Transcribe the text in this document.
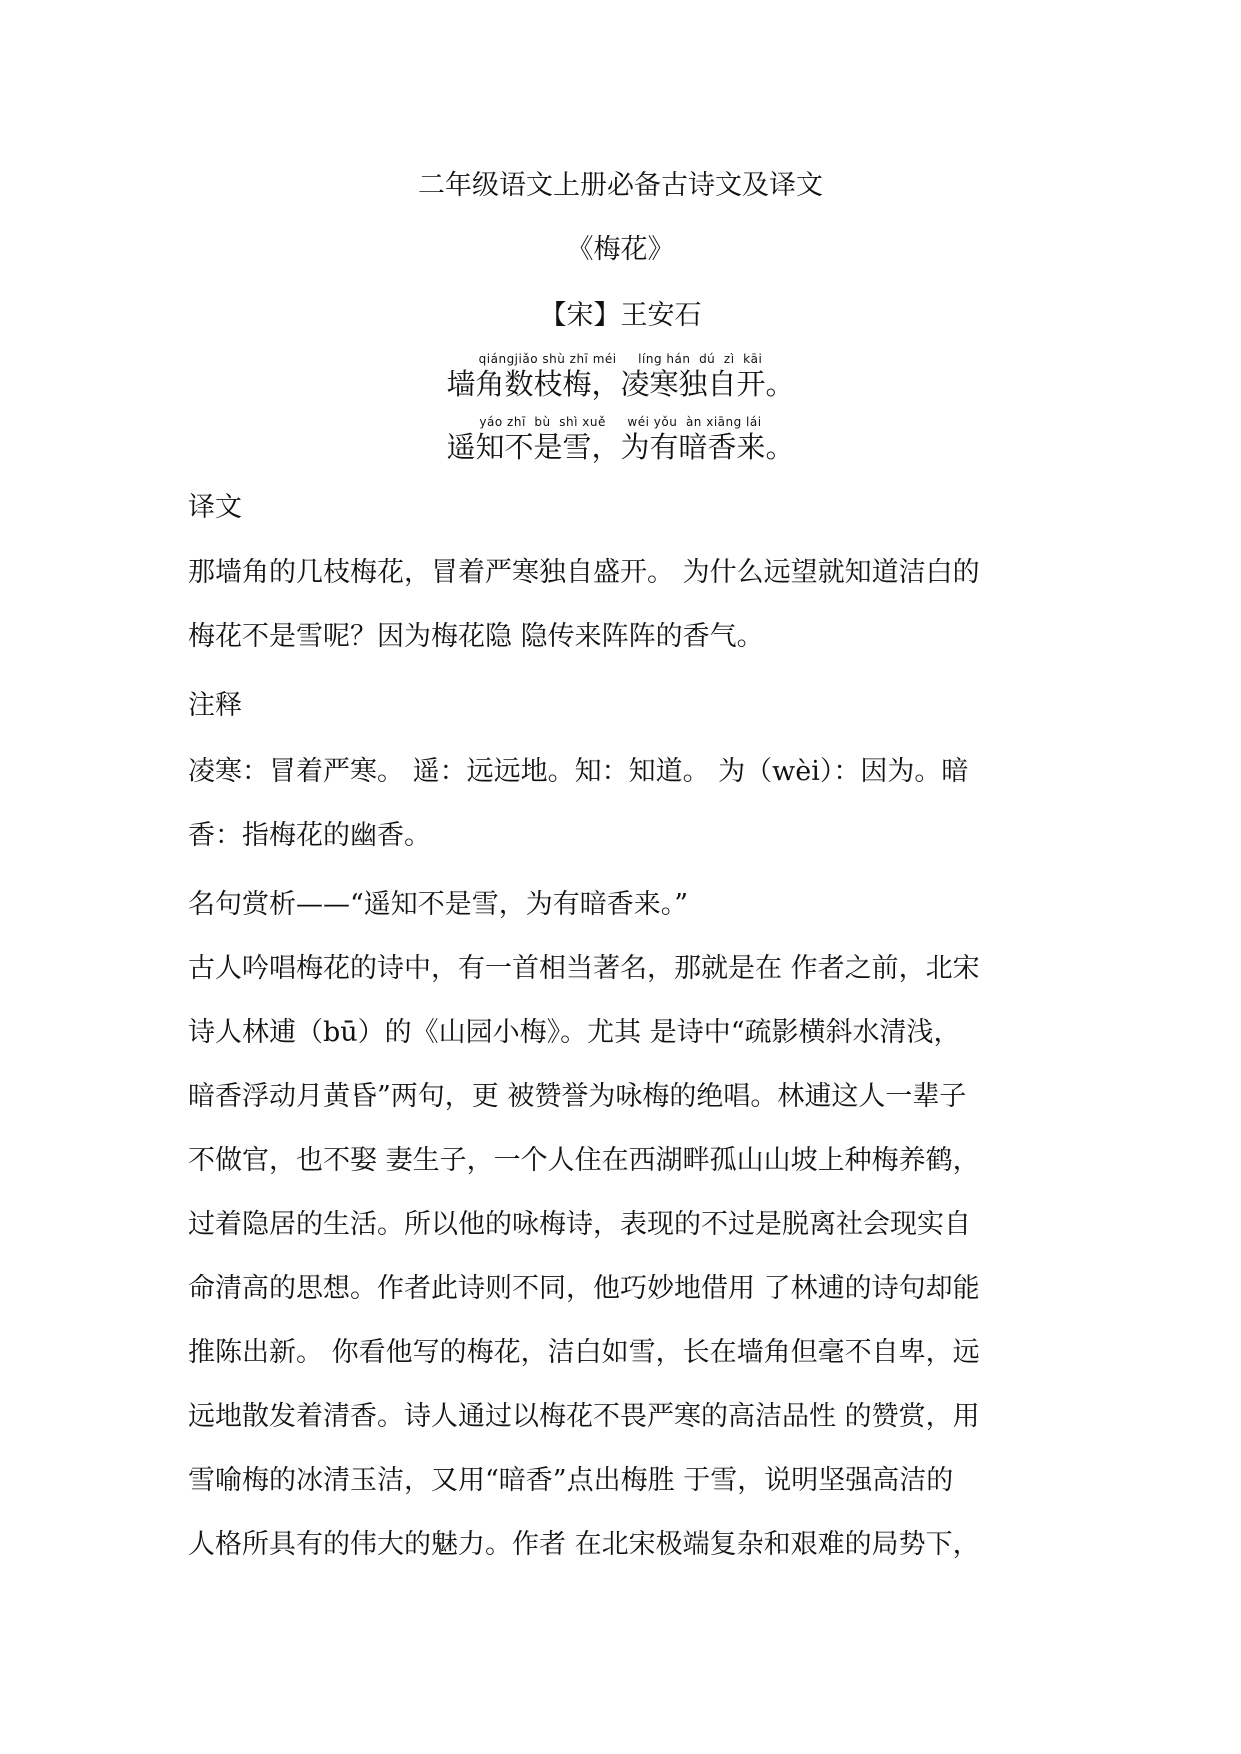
二年级语文上册必备古诗文及译文
《梅花》
【宋】王安石
qiángjiǎo shù zhī méi     líng hán  dú  zì  kāi
墙角数枝梅，凌寒独自开。
yáo zhī  bù  shì xuě     wéi yǒu  àn xiāng lái
遥知不是雪，为有暗香来。
译文
那墙角的几枝梅花，冒着严寒独自盛开。 为什么远望就知道洁白的
梅花不是雪呢？因为梅花隐 隐传来阵阵的香气。
注释
凌寒：冒着严寒。 遥：远远地。知：知道。 为（wèi）：因为。暗
香：指梅花的幽香。
名句赏析——“遥知不是雪，为有暗香来。”
古人吟唱梅花的诗中，有一首相当著名，那就是在 作者之前，北宋
诗人林逋（bū）的《山园小梅》。尤其 是诗中“疏影横斜水清浅，
暗香浮动月黄昏”两句，更 被赞誉为咏梅的绝唱。林逋这人一辈子
不做官，也不娶 妻生子，一个人住在西湖畔孤山山坡上种梅养鹤，
过着隐居的生活。所以他的咏梅诗，表现的不过是脱离社会现实自
命清高的思想。作者此诗则不同，他巧妙地借用 了林逋的诗句却能
推陈出新。 你看他写的梅花，洁白如雪，长在墙角但毫不自卑，远
远地散发着清香。诗人通过以梅花不畏严寒的高洁品性 的赞赏，用
雪喻梅的冰清玉洁，又用“暗香”点出梅胜 于雪，说明坚强高洁的
人格所具有的伟大的魅力。作者 在北宋极端复杂和艰难的局势下，
